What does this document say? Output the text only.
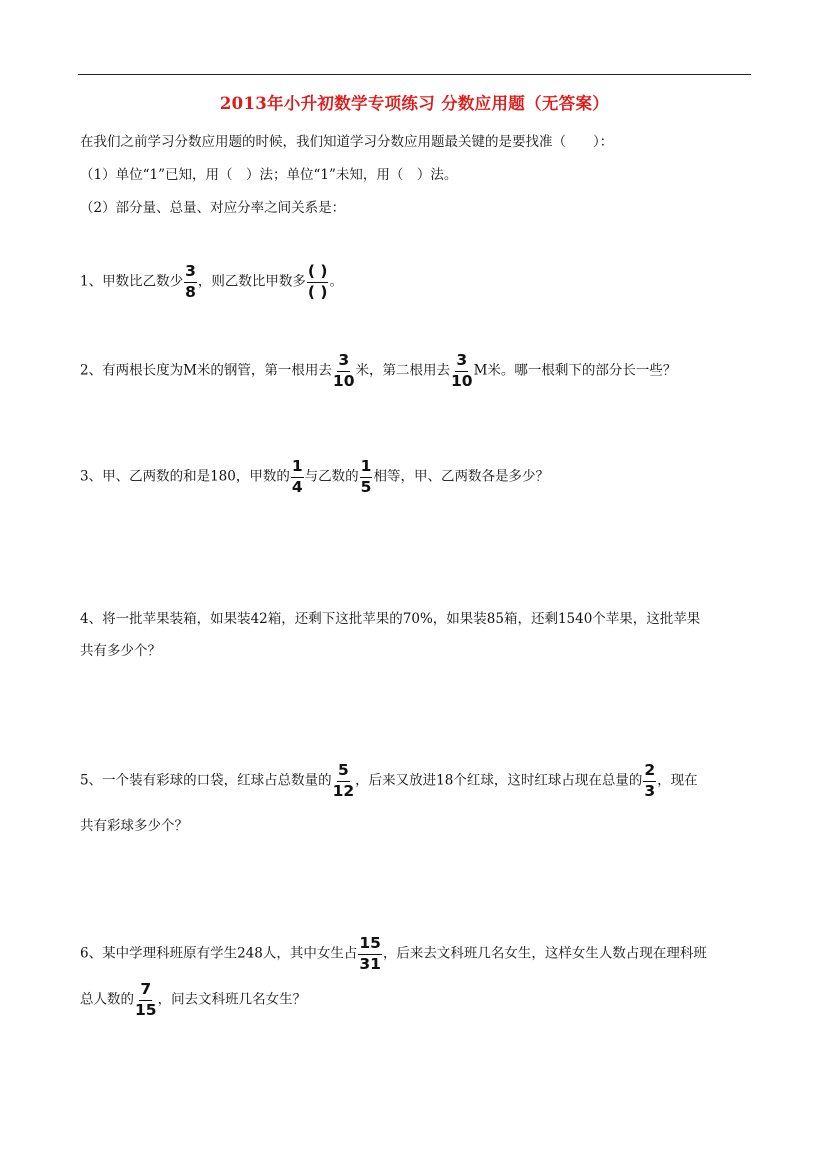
2013年小升初数学专项练习 分数应用题（无答案）
在我们之前学习分数应用题的时候，我们知道学习分数应用题最关键的是要找准（　　）：
（1）单位“1”已知，用（　）法；单位“1”未知，用（　）法。
（2）部分量、总量、对应分率之间关系是：
1、甲数比乙数少 $\frac{3}{8}$ ，则乙数比甲数多 $\frac{( )}{( )}$ 。
2、有两根长度为M米的钢管，第一根用去 $\frac{3}{10}$ 米，第二根用去 $\frac{3}{10}$ M米。哪一根剩下的部分长一些？
3、甲、乙两数的和是180，甲数的 $\frac{1}{4}$ 与乙数的 $\frac{1}{5}$ 相等，甲、乙两数各是多少？
4、将一批苹果装箱，如果装42箱，还剩下这批苹果的70%，如果装85箱，还剩1540个苹果，这批苹果
共有多少个？
5、一个装有彩球的口袋，红球占总数量的 $\frac{5}{12}$ ，后来又放进18个红球，这时红球占现在总量的 $\frac{2}{3}$ ，现在
共有彩球多少个？
6、某中学理科班原有学生248人，其中女生占 $\frac{15}{31}$ ，后来去文科班几名女生，这样女生人数占现在理科班
总人数的 $\frac{7}{15}$ ，问去文科班几名女生？
